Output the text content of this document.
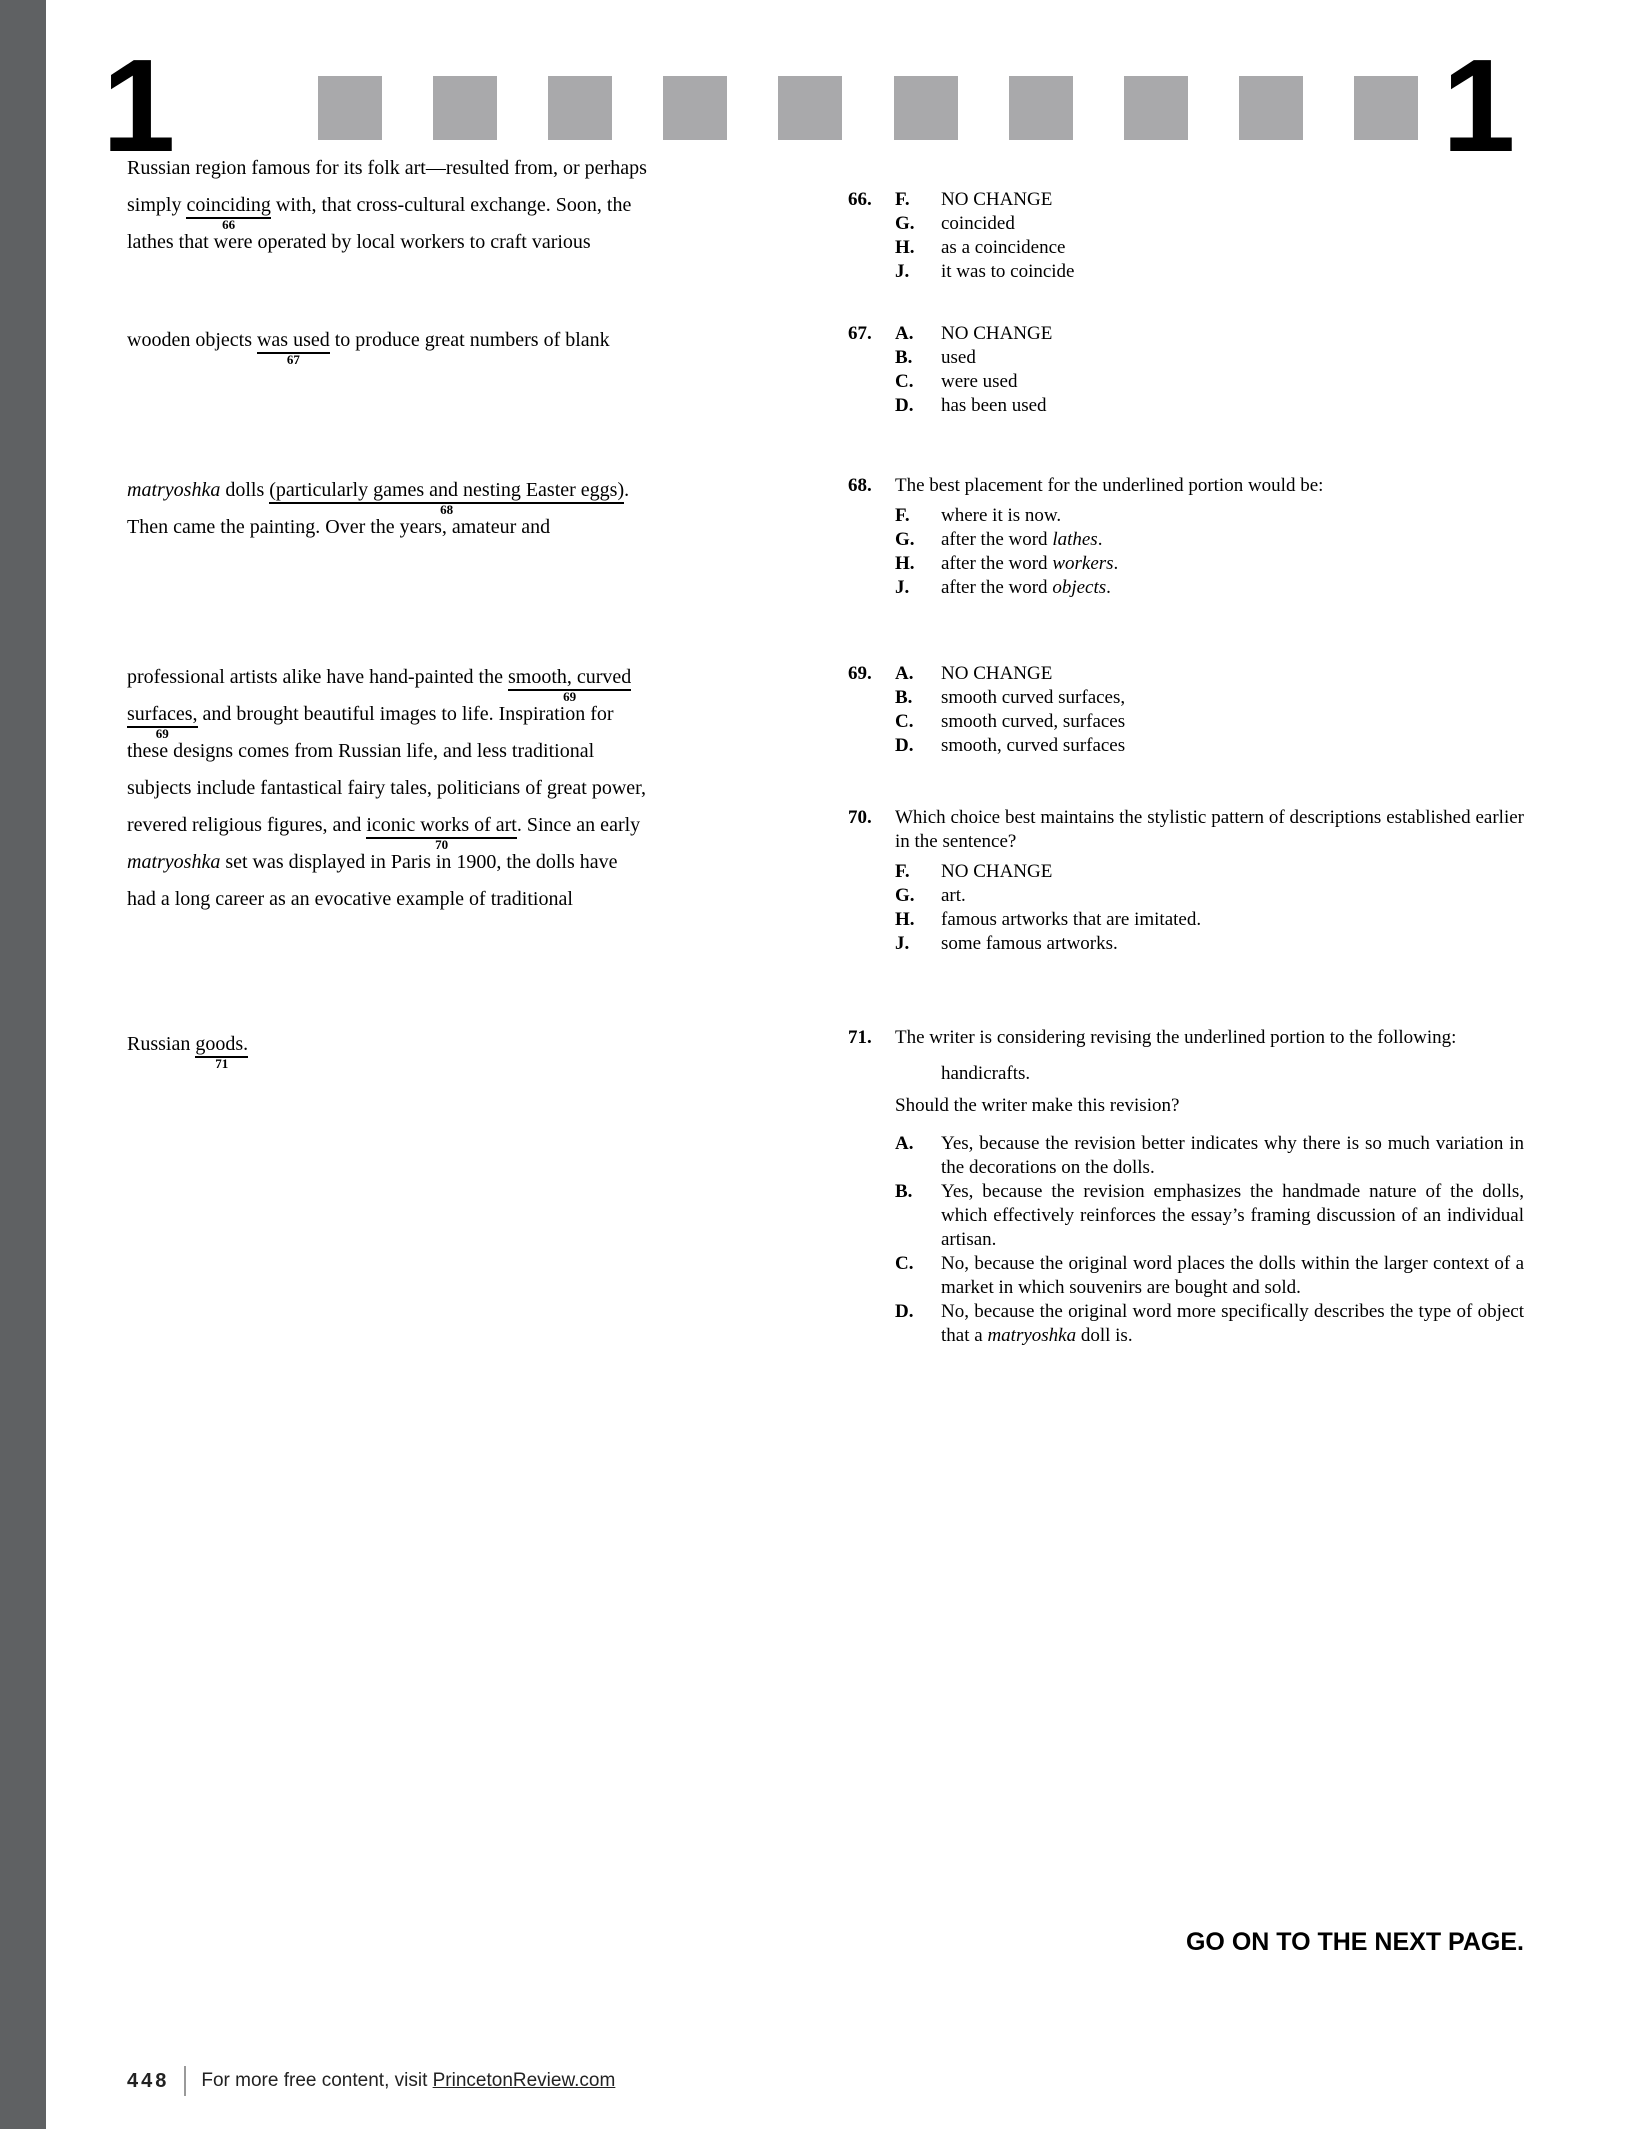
1	1
Russian region famous for its folk art—resulted from, or perhaps
simply coinciding
66
with, that cross-cultural exchange. Soon, the
lathes that were operated by local workers to craft various
wooden objects was used
67
to produce great numbers of blank
matryoshka dolls (particularly games and nesting Easter eggs)
68
.
Then came the painting. Over the years, amateur and
professional artists alike have hand-painted the smooth, curved
69
surfaces,
69
and brought beautiful images to life. Inspiration for
these designs comes from Russian life, and less traditional
subjects include fantastical fairy tales, politicians of great power,
revered religious figures, and iconic works of art
70
. Since an early
matryoshka set was displayed in Paris in 1900, the dolls have
had a long career as an evocative example of traditional
Russian goods.
71
66. F. NO CHANGE
G. coincided
H. as a coincidence
J. it was to coincide
67. A. NO CHANGE
B. used
C. were used
D. has been used
68. The best placement for the underlined portion would be:
F. where it is now.
G. after the word lathes.
H. after the word workers.
J. after the word objects.
69. A. NO CHANGE
B. smooth curved surfaces,
C. smooth curved, surfaces
D. smooth, curved surfaces
70. Which choice best maintains the stylistic pattern of descriptions established earlier in the sentence?
F. NO CHANGE
G. art.
H. famous artworks that are imitated.
J. some famous artworks.
71. The writer is considering revising the underlined portion to the following:
handicrafts.
Should the writer make this revision?
A. Yes, because the revision better indicates why there is so much variation in the decorations on the dolls.
B. Yes, because the revision emphasizes the handmade nature of the dolls, which effectively reinforces the essay’s framing discussion of an individual artisan.
C. No, because the original word places the dolls within the larger context of a market in which souvenirs are bought and sold.
D. No, because the original word more specifically describes the type of object that a matryoshka doll is.
GO ON TO THE NEXT PAGE.
448 For more free content, visit PrincetonReview.com
